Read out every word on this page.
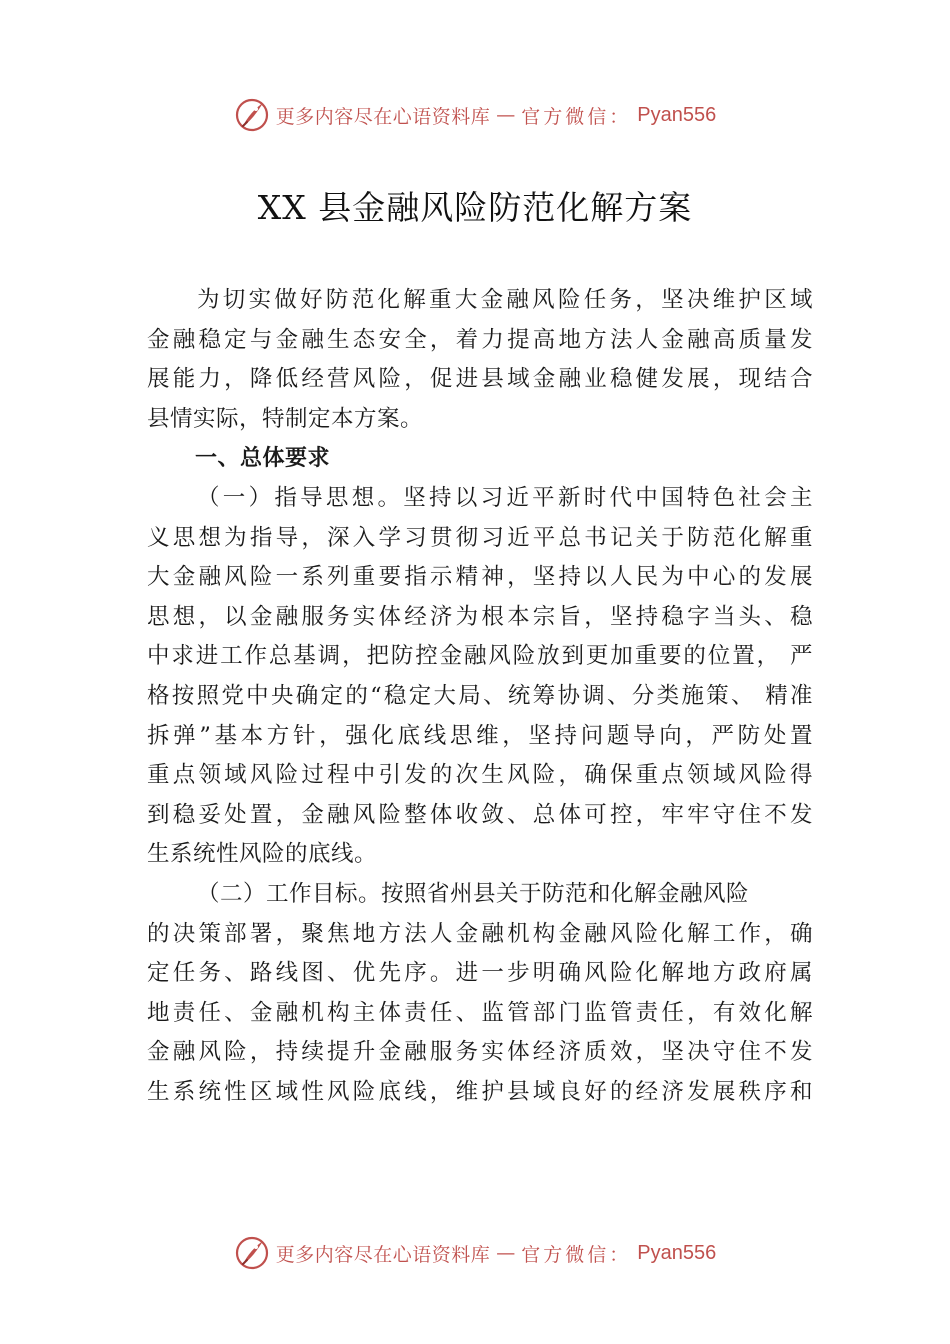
更多内容尽在心语资料库 — 官方微信： Pyan556
XX 县金融风险防范化解方案
为切实做好防范化解重大金融风险任务，坚决维护区域
金融稳定与金融生态安全，着力提高地方法人金融高质量发
展能力，降低经营风险，促进县域金融业稳健发展，现结合
县情实际，特制定本方案。
一、总体要求
（一）指导思想。坚持以习近平新时代中国特色社会主
义思想为指导，深入学习贯彻习近平总书记关于防范化解重
大金融风险一系列重要指示精神，坚持以人民为中心的发展
思想，以金融服务实体经济为根本宗旨，坚持稳字当头、稳
中求进工作总基调，把防控金融风险放到更加重要的位置， 严
格按照党中央确定的“稳定大局、统筹协调、分类施策、 精准
拆弹”基本方针，强化底线思维，坚持问题导向，严防处置
重点领域风险过程中引发的次生风险，确保重点领域风险得
到稳妥处置，金融风险整体收敛、总体可控，牢牢守住不发
生系统性风险的底线。
（二）工作目标。按照省州县关于防范和化解金融风险
的决策部署，聚焦地方法人金融机构金融风险化解工作，确
定任务、路线图、优先序。进一步明确风险化解地方政府属
地责任、金融机构主体责任、监管部门监管责任，有效化解
金融风险，持续提升金融服务实体经济质效，坚决守住不发
生系统性区域性风险底线，维护县域良好的经济发展秩序和
更多内容尽在心语资料库 — 官方微信： Pyan556
